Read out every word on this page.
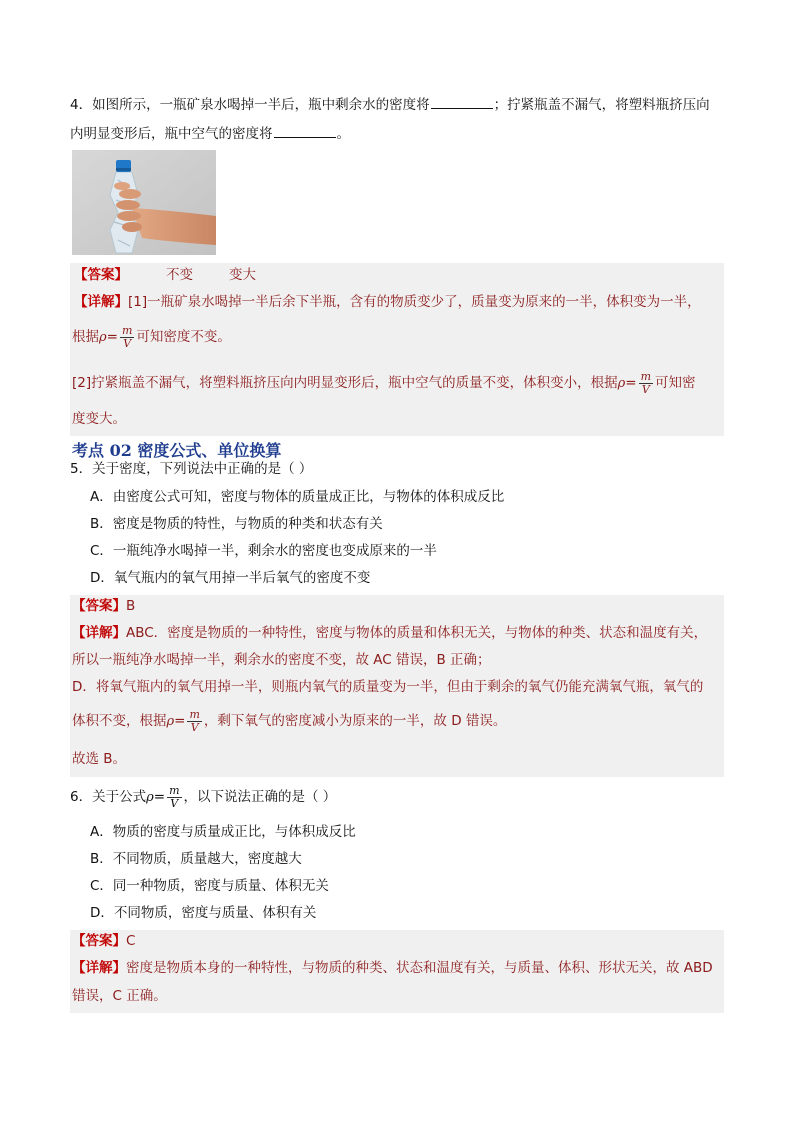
4．如图所示，一瓶矿泉水喝掉一半后，瓶中剩余水的密度将	；拧紧瓶盖不漏气，将塑料瓶挤压向
内明显变形后，瓶中空气的密度将	。
【答案】	不变	变大
【详解】[1]一瓶矿泉水喝掉一半后余下半瓶，含有的物质变少了，质量变为原来的一半，体积变为一半，
根据$\rho= \frac{m}{V}$ 可知密度不变。
[2]拧紧瓶盖不漏气，将塑料瓶挤压向内明显变形后，瓶中空气的质量不变，体积变小，根据$\rho= \frac{m}{V}$ 可知密
度变大。
考点 02 密度公式、单位换算
5．关于密度，下列说法中正确的是（ ）
A．由密度公式可知，密度与物体的质量成正比，与物体的体积成反比
B．密度是物质的特性，与物质的种类和状态有关
C．一瓶纯净水喝掉一半，剩余水的密度也变成原来的一半
D．氧气瓶内的氧气用掉一半后氧气的密度不变
【答案】B
【详解】ABC．密度是物质的一种特性，密度与物体的质量和体积无关，与物体的种类、状态和温度有关，
所以一瓶纯净水喝掉一半，剩余水的密度不变，故 AC 错误，B 正确；
D．将氧气瓶内的氧气用掉一半，则瓶内氧气的质量变为一半，但由于剩余的氧气仍能充满氧气瓶，氧气的
体积不变，根据$\rho= \frac{m}{V}$ ，剩下氧气的密度减小为原来的一半，故 D 错误。
故选 B。
6．关于公式$\rho= \frac{m}{V}$ ，以下说法正确的是（ ）
A．物质的密度与质量成正比，与体积成反比
B．不同物质，质量越大，密度越大
C．同一种物质，密度与质量、体积无关
D．不同物质，密度与质量、体积有关
【答案】C
【详解】密度是物质本身的一种特性，与物质的种类、状态和温度有关，与质量、体积、形状无关，故 ABD
错误，C 正确。
